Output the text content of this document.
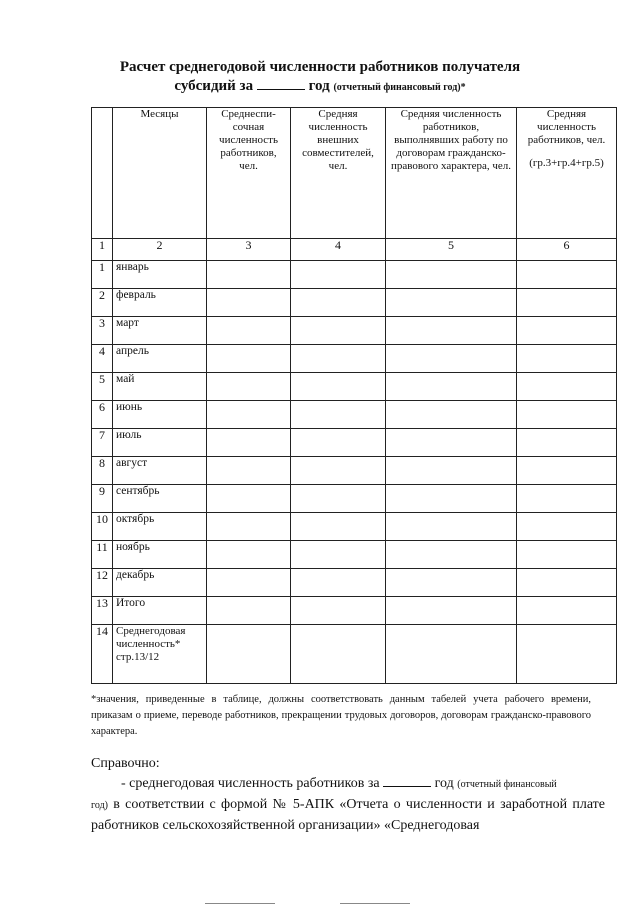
Расчет среднегодовой численности работников получателя
субсидий за	год (отчетный финансовый год)*
	Месяцы	Среднеспи-сочная численность работников, чел.	Средняя численность внешних совместителей, чел.	Средняя численность работников, выполнявших работу по договорам гражданско-правового характера, чел.	Средняя численность работников, чел.
(гр.3+гр.4+гр.5)

1	2	3	4	5	6
1	январь				
2	февраль				
3	март				
4	апрель				
5	май				
6	июнь				
7	июль				
8	август				
9	сентябрь				
10	октябрь				
11	ноябрь				
12	декабрь				
13	Итого				
14	Среднегодовая численность* стр.13/12				
*значения, приведенные в таблице, должны соответствовать данным табелей учета рабочего времени, приказам о приеме, переводе работников, прекращении трудовых договоров, договорам гражданско-правового характера.
Справочно:
- среднегодовая численность работников за	год (отчетный финансовый
год) в соответствии с формой № 5-АПК «Отчета о численности и заработной плате работников сельскохозяйственной организации» «Среднегодовая
